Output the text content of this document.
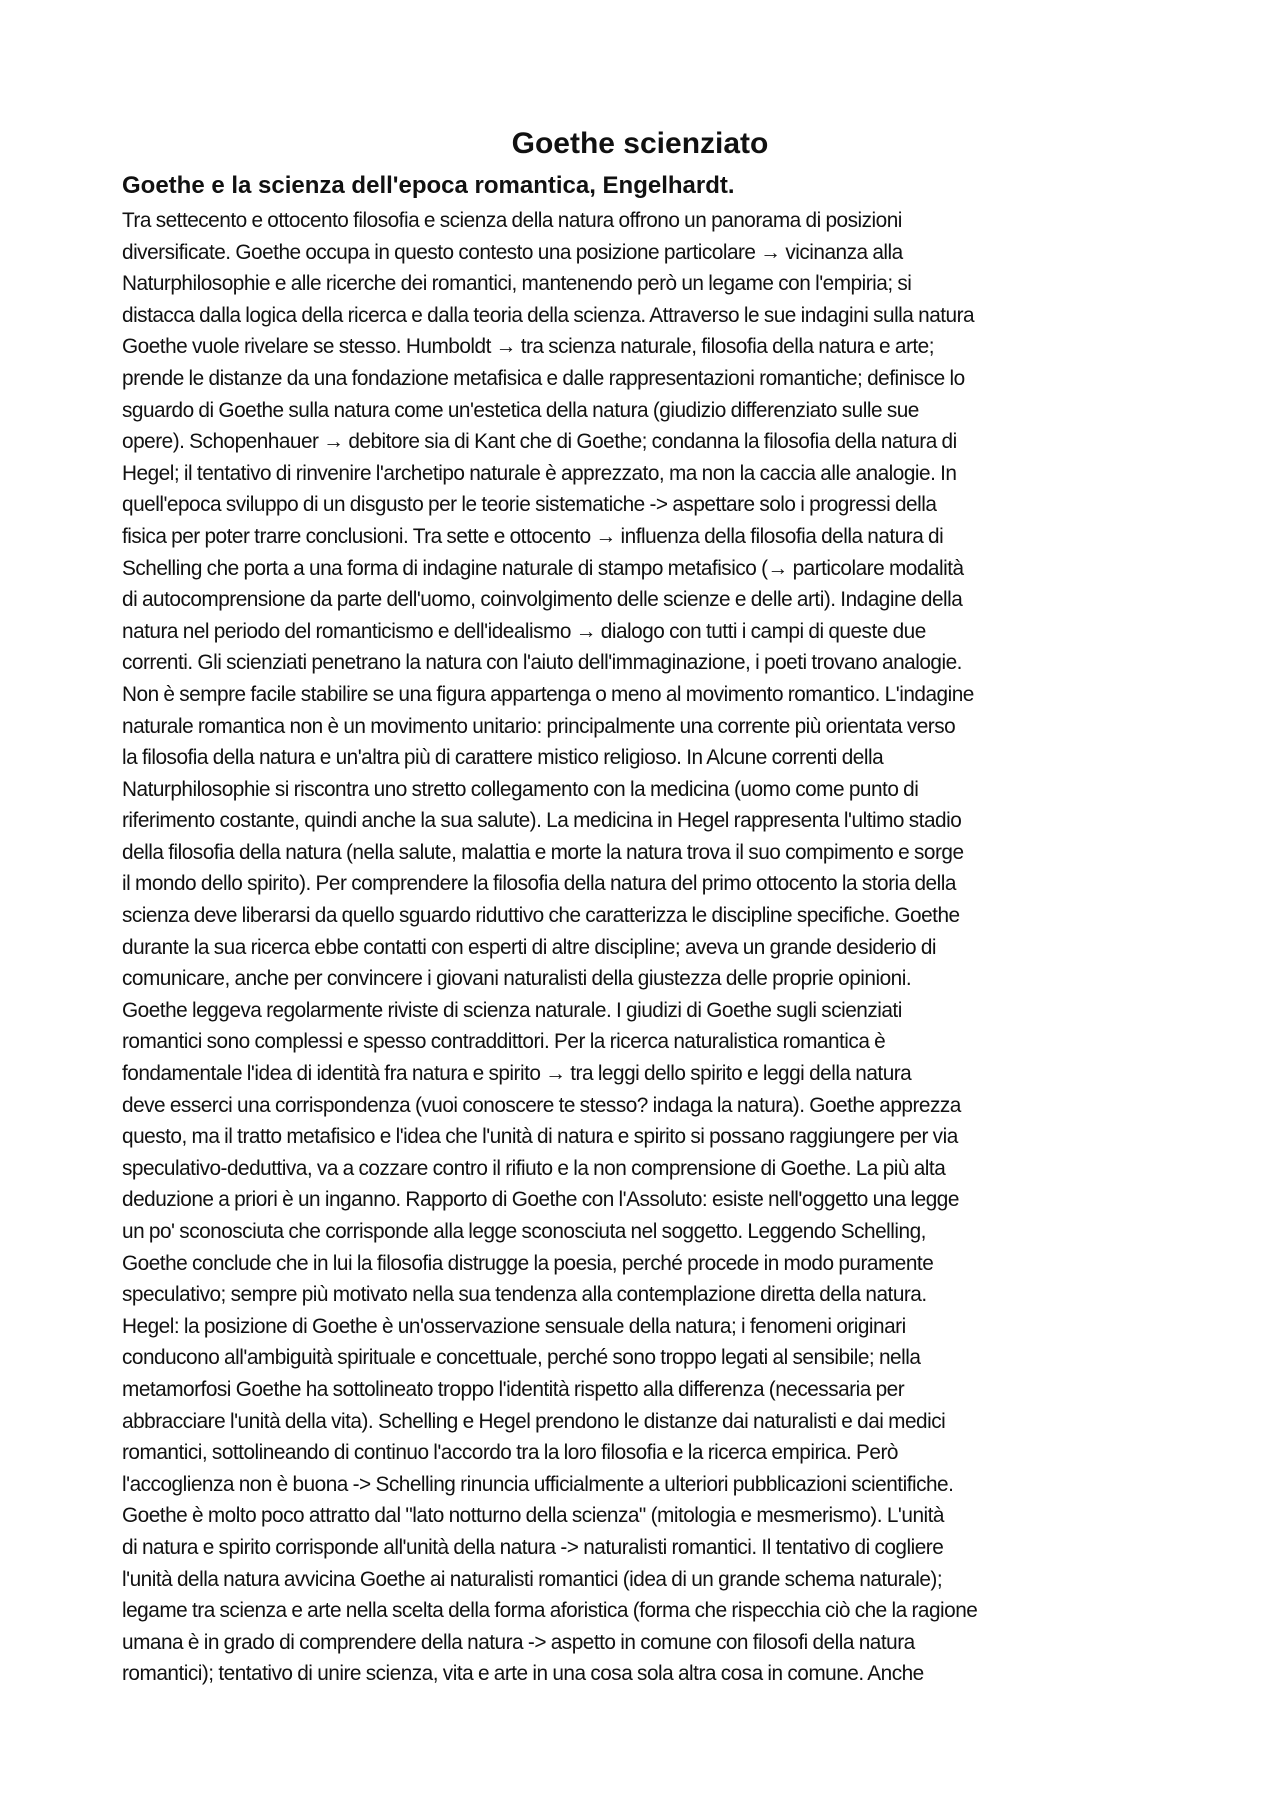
Goethe scienziato
Goethe e la scienza dell'epoca romantica, Engelhardt.
Tra settecento e ottocento filosofia e scienza della natura offrono un panorama di posizioni
diversificate. Goethe occupa in questo contesto una posizione particolare → vicinanza alla
Naturphilosophie e alle ricerche dei romantici, mantenendo però un legame con l'empiria; si
distacca dalla logica della ricerca e dalla teoria della scienza. Attraverso le sue indagini sulla natura
Goethe vuole rivelare se stesso. Humboldt → tra scienza naturale, filosofia della natura e arte;
prende le distanze da una fondazione metafisica e dalle rappresentazioni romantiche; definisce lo
sguardo di Goethe sulla natura come un'estetica della natura (giudizio differenziato sulle sue
opere). Schopenhauer → debitore sia di Kant che di Goethe; condanna la filosofia della natura di
Hegel; il tentativo di rinvenire l'archetipo naturale è apprezzato, ma non la caccia alle analogie. In
quell'epoca sviluppo di un disgusto per le teorie sistematiche -> aspettare solo i progressi della
fisica per poter trarre conclusioni. Tra sette e ottocento → influenza della filosofia della natura di
Schelling che porta a una forma di indagine naturale di stampo metafisico (→ particolare modalità
di autocomprensione da parte dell'uomo, coinvolgimento delle scienze e delle arti). Indagine della
natura nel periodo del romanticismo e dell'idealismo → dialogo con tutti i campi di queste due
correnti. Gli scienziati penetrano la natura con l'aiuto dell'immaginazione, i poeti trovano analogie.
Non è sempre facile stabilire se una figura appartenga o meno al movimento romantico. L'indagine
naturale romantica non è un movimento unitario: principalmente una corrente più orientata verso
la filosofia della natura e un'altra più di carattere mistico religioso. In Alcune correnti della
Naturphilosophie si riscontra uno stretto collegamento con la medicina (uomo come punto di
riferimento costante, quindi anche la sua salute). La medicina in Hegel rappresenta l'ultimo stadio
della filosofia della natura (nella salute, malattia e morte la natura trova il suo compimento e sorge
il mondo dello spirito). Per comprendere la filosofia della natura del primo ottocento la storia della
scienza deve liberarsi da quello sguardo riduttivo che caratterizza le discipline specifiche. Goethe
durante la sua ricerca ebbe contatti con esperti di altre discipline; aveva un grande desiderio di
comunicare, anche per convincere i giovani naturalisti della giustezza delle proprie opinioni.
Goethe leggeva regolarmente riviste di scienza naturale. I giudizi di Goethe sugli scienziati
romantici sono complessi e spesso contraddittori. Per la ricerca naturalistica romantica è
fondamentale l'idea di identità fra natura e spirito → tra leggi dello spirito e leggi della natura
deve esserci una corrispondenza (vuoi conoscere te stesso? indaga la natura). Goethe apprezza
questo, ma il tratto metafisico e l'idea che l'unità di natura e spirito si possano raggiungere per via
speculativo-deduttiva, va a cozzare contro il rifiuto e la non comprensione di Goethe. La più alta
deduzione a priori è un inganno. Rapporto di Goethe con l'Assoluto: esiste nell'oggetto una legge
un po' sconosciuta che corrisponde alla legge sconosciuta nel soggetto. Leggendo Schelling,
Goethe conclude che in lui la filosofia distrugge la poesia, perché procede in modo puramente
speculativo; sempre più motivato nella sua tendenza alla contemplazione diretta della natura.
Hegel: la posizione di Goethe è un'osservazione sensuale della natura; i fenomeni originari
conducono all'ambiguità spirituale e concettuale, perché sono troppo legati al sensibile; nella
metamorfosi Goethe ha sottolineato troppo l'identità rispetto alla differenza (necessaria per
abbracciare l'unità della vita). Schelling e Hegel prendono le distanze dai naturalisti e dai medici
romantici, sottolineando di continuo l'accordo tra la loro filosofia e la ricerca empirica. Però
l'accoglienza non è buona -> Schelling rinuncia ufficialmente a ulteriori pubblicazioni scientifiche.
Goethe è molto poco attratto dal "lato notturno della scienza" (mitologia e mesmerismo). L'unità
di natura e spirito corrisponde all'unità della natura -> naturalisti romantici. Il tentativo di cogliere
l'unità della natura avvicina Goethe ai naturalisti romantici (idea di un grande schema naturale);
legame tra scienza e arte nella scelta della forma aforistica (forma che rispecchia ciò che la ragione
umana è in grado di comprendere della natura -> aspetto in comune con filosofi della natura
romantici); tentativo di unire scienza, vita e arte in una cosa sola altra cosa in comune. Anche
